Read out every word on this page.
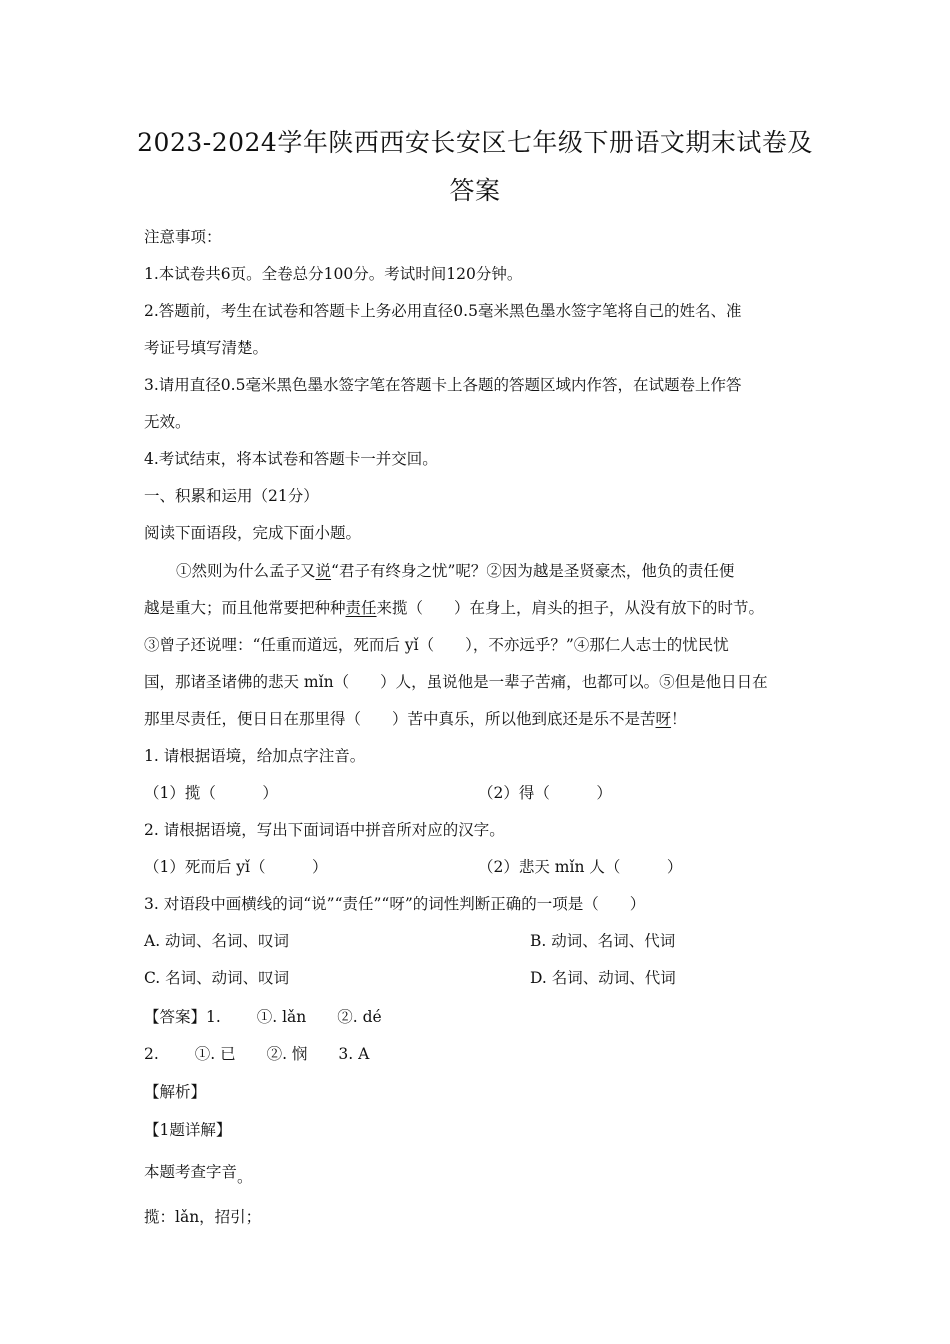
2023-2024学年陕西西安长安区七年级下册语文期末试卷及
答案
注意事项：
1.本试卷共6页。全卷总分100分。考试时间120分钟。
2.答题前，考生在试卷和答题卡上务必用直径0.5毫米黑色墨水签字笔将自己的姓名、准
考证号填写清楚。
3.请用直径0.5毫米黑色墨水签字笔在答题卡上各题的答题区域内作答，在试题卷上作答
无效。
4.考试结束，将本试卷和答题卡一并交回。
一、积累和运用（21分）
阅读下面语段，完成下面小题。
①然则为什么孟子又说“君子有终身之忧”呢？②因为越是圣贤豪杰，他负的责任便
越是重大；而且他常要把种种责任来揽（　　）在身上，肩头的担子，从没有放下的时节。
③曾子还说哩：“任重而道远，死而后 yǐ（　　），不亦远乎？”④那仁人志士的忧民忧
国，那诸圣诸佛的悲天 mǐn（　　）人，虽说他是一辈子苦痛，也都可以。⑤但是他日日在
那里尽责任，便日日在那里得（　　）苦中真乐，所以他到底还是乐不是苦呀！
1. 请根据语境，给加点字注音。
（1）揽（　　　）	（2）得（　　　）
2. 请根据语境，写出下面词语中拼音所对应的汉字。
（1）死而后 yǐ（　　　）	（2）悲天 mǐn 人（　　　）
3. 对语段中画横线的词“说”“责任”“呀”的词性判断正确的一项是（　　）
A. 动词、名词、叹词	B. 动词、名词、代词
C. 名词、动词、叹词	D. 名词、动词、代词
【答案】1.　　 ①. lǎn　　②. dé
2.　　 ①. 已　　②. 悯　　3. A
【解析】
【1题详解】
本题考查字音。
揽：lǎn，招引；
